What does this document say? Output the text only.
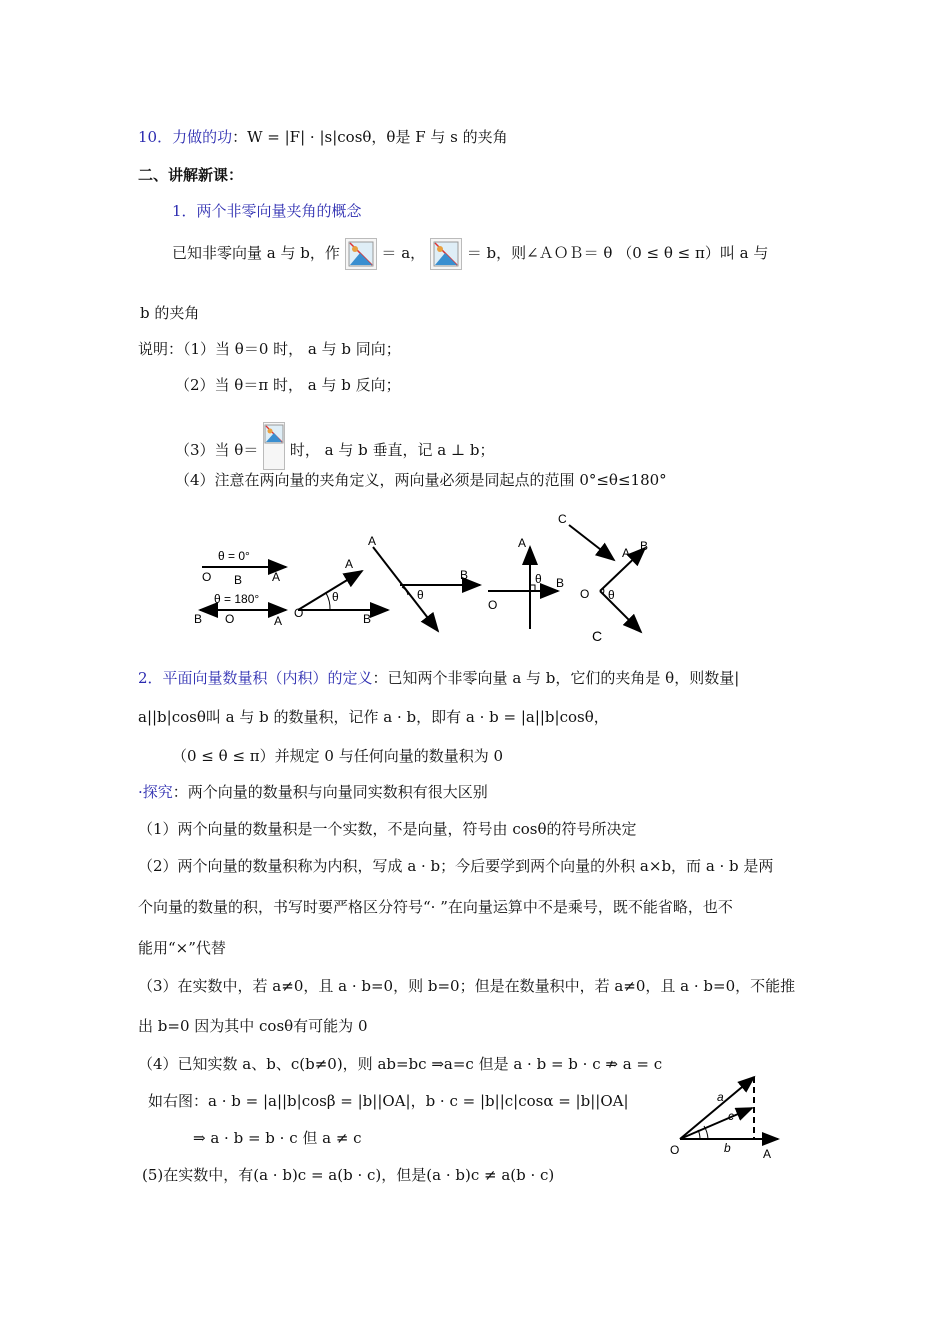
10．力做的功：W = |F| · |s|cosθ，θ是 F 与 s 的夹角
二、讲解新课：
1．两个非零向量夹角的概念
已知非零向量 a 与 b，作	＝ a，	＝ b，则∠ＡＯＢ＝ θ （0 ≤ θ ≤ π）叫 a 与
b 的夹角
说明：（1）当 θ＝0 时， a 与 b 同向；
（2）当 θ＝π 时， a 与 b 反向；
（3）当 θ＝ 时， a 与 b 垂直，记 a ⊥ b；
（4）注意在两向量的夹角定义，两向量必须是同起点的范围 0°≤θ≤180°
θ = 0°
O B A
θ = 180°
B O	A
O
θ
A
B
A
B
θ
O
θ B
A
C
A B
O θ
C
2．平面向量数量积（内积）的定义：已知两个非零向量 a 与 b，它们的夹角是 θ，则数量|
a||b|cosθ叫 a 与 b 的数量积，记作 a · b，即有 a · b = |a||b|cosθ，
（0 ≤ θ ≤ π）并规定 0 与任何向量的数量积为 0
·探究：两个向量的数量积与向量同实数积有很大区别
（1）两个向量的数量积是一个实数，不是向量，符号由 cosθ的符号所决定
（2）两个向量的数量积称为内积，写成 a · b；今后要学到两个向量的外积 a×b，而 a · b 是两
个向量的数量的积，书写时要严格区分符号“· ”在向量运算中不是乘号，既不能省略，也不
能用“×”代替
（3）在实数中，若 a≠0，且 a · b=0，则 b=0；但是在数量积中，若 a≠0，且 a · b=0，不能推
出 b=0 因为其中 cosθ有可能为 0
（4）已知实数 a、b、c(b≠0)，则 ab=bc ⇒a=c 但是 a · b = b · c ⇏ a = c
如右图：a · b = |a||b|cosβ = |b||OA|，b · c = |b||c|cosα = |b||OA|
⇒ a · b = b · c 但 a ≠ c
O
a
c
b	A
(5)在实数中，有(a · b)c = a(b · c)，但是(a · b)c ≠ a(b · c)
